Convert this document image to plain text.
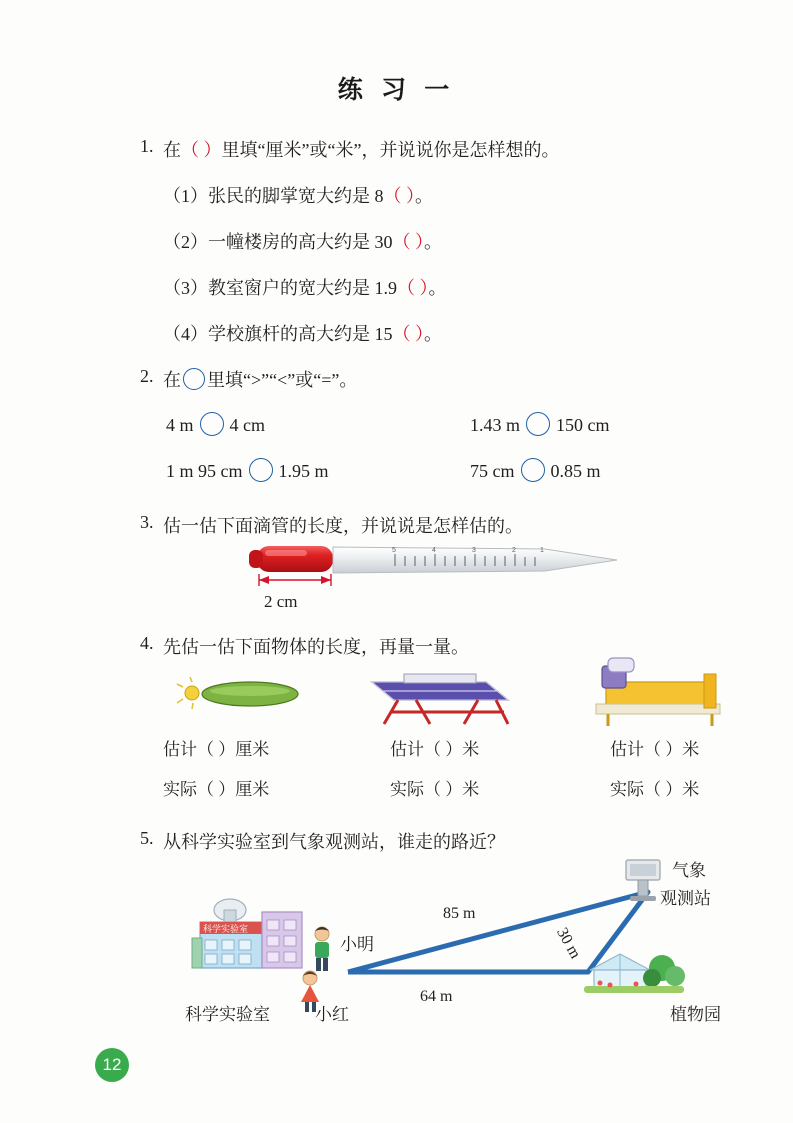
练 习 一
1. 在（ ）里填“厘米”或“米”，并说说你是怎样想的。
（1）张民的脚掌宽大约是 8（ ）。
（2）一幢楼房的高大约是 30（ ）。
（3）教室窗户的宽大约是 1.9（ ）。
（4）学校旗杆的高大约是 15（ ）。
2. 在 里填“>”“<”或“=”。
4 m 4 cm	1.43 m 150 cm
1 m 95 cm 1.95 m	75 cm 0.85 m
3. 估一估下面滴管的长度，并说说是怎样估的。
5	4	3	2	1
2 cm
4. 先估一估下面物体的长度，再量一量。
估计（ ）厘米
实际（ ）厘米
估计（ ）米
实际（ ）米
估计（ ）米
实际（ ）米
5. 从科学实验室到气象观测站，谁走的路近？
科学实验室
气象
观测站
小明
科学实验室	小红	植物园
85 m
30 m
64 m
12
